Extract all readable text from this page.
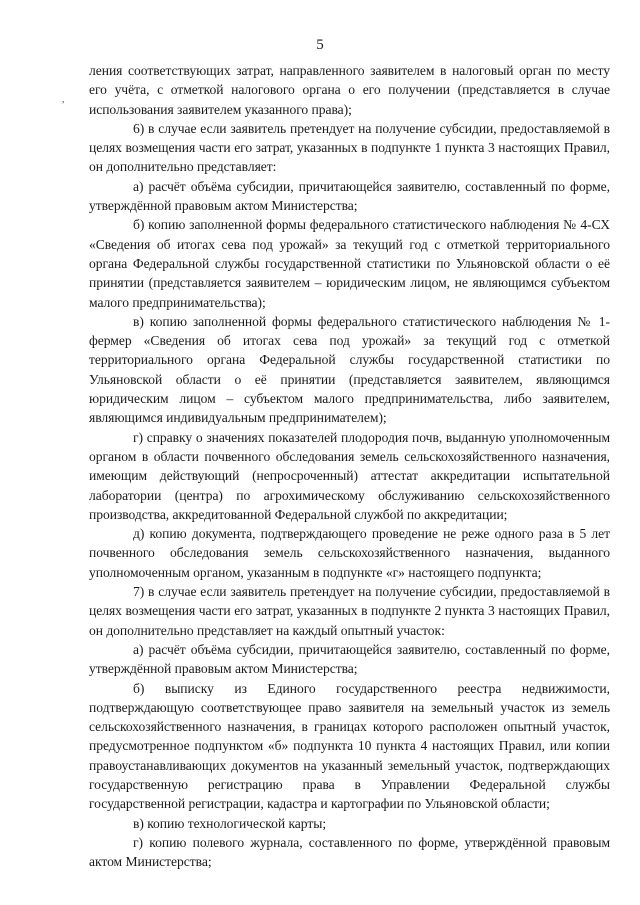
5
,

ления соответствующих затрат, направленного заявителем в налоговый орган по месту его учёта, с отметкой налогового органа о его получении (представляется в случае использования заявителем указанного права);

6) в случае если заявитель претендует на получение субсидии, предоставляемой в целях возмещения части его затрат, указанных в подпункте 1 пункта 3 настоящих Правил, он дополнительно представляет:

а) расчёт объёма субсидии, причитающейся заявителю, составленный по форме, утверждённой правовым актом Министерства;

б) копию заполненной формы федерального статистического наблюдения № 4-СХ «Сведения об итогах сева под урожай» за текущий год с отметкой территориального органа Федеральной службы государственной статистики по Ульяновской области о её принятии (представляется заявителем – юридическим лицом, не являющимся субъектом малого предпринимательства);

в) копию заполненной формы федерального статистического наблюдения № 1-фермер «Сведения об итогах сева под урожай» за текущий год с отметкой территориального органа Федеральной службы государственной статистики по Ульяновской области о её принятии (представляется заявителем, являющимся юридическим лицом – субъектом малого предпринимательства, либо заявителем, являющимся индивидуальным предпринимателем);

г) справку о значениях показателей плодородия почв, выданную уполномоченным органом в области почвенного обследования земель сельскохозяйственного назначения, имеющим действующий (непросроченный) аттестат аккредитации испытательной лаборатории (центра) по агрохимическому обслуживанию сельскохозяйственного производства, аккредитованной Федеральной службой по аккредитации;

д) копию документа, подтверждающего проведение не реже одного раза в 5 лет почвенного обследования земель сельскохозяйственного назначения, выданного уполномоченным органом, указанным в подпункте «г» настоящего подпункта;

7) в случае если заявитель претендует на получение субсидии, предоставляемой в целях возмещения части его затрат, указанных в подпункте 2 пункта 3 настоящих Правил, он дополнительно представляет на каждый опытный участок:

а) расчёт объёма субсидии, причитающейся заявителю, составленный по форме, утверждённой правовым актом Министерства;

б) выписку из Единого государственного реестра недвижимости, подтверждающую соответствующее право заявителя на земельный участок из земель сельскохозяйственного назначения, в границах которого расположен опытный участок, предусмотренное подпунктом «б» подпункта 10 пункта 4 настоящих Правил, или копии правоустанавливающих документов на указанный земельный участок, подтверждающих государственную регистрацию права в Управлении Федеральной службы государственной регистрации, кадастра и картографии по Ульяновской области;

в) копию технологической карты;

г) копию полевого журнала, составленного по форме, утверждённой правовым актом Министерства;
